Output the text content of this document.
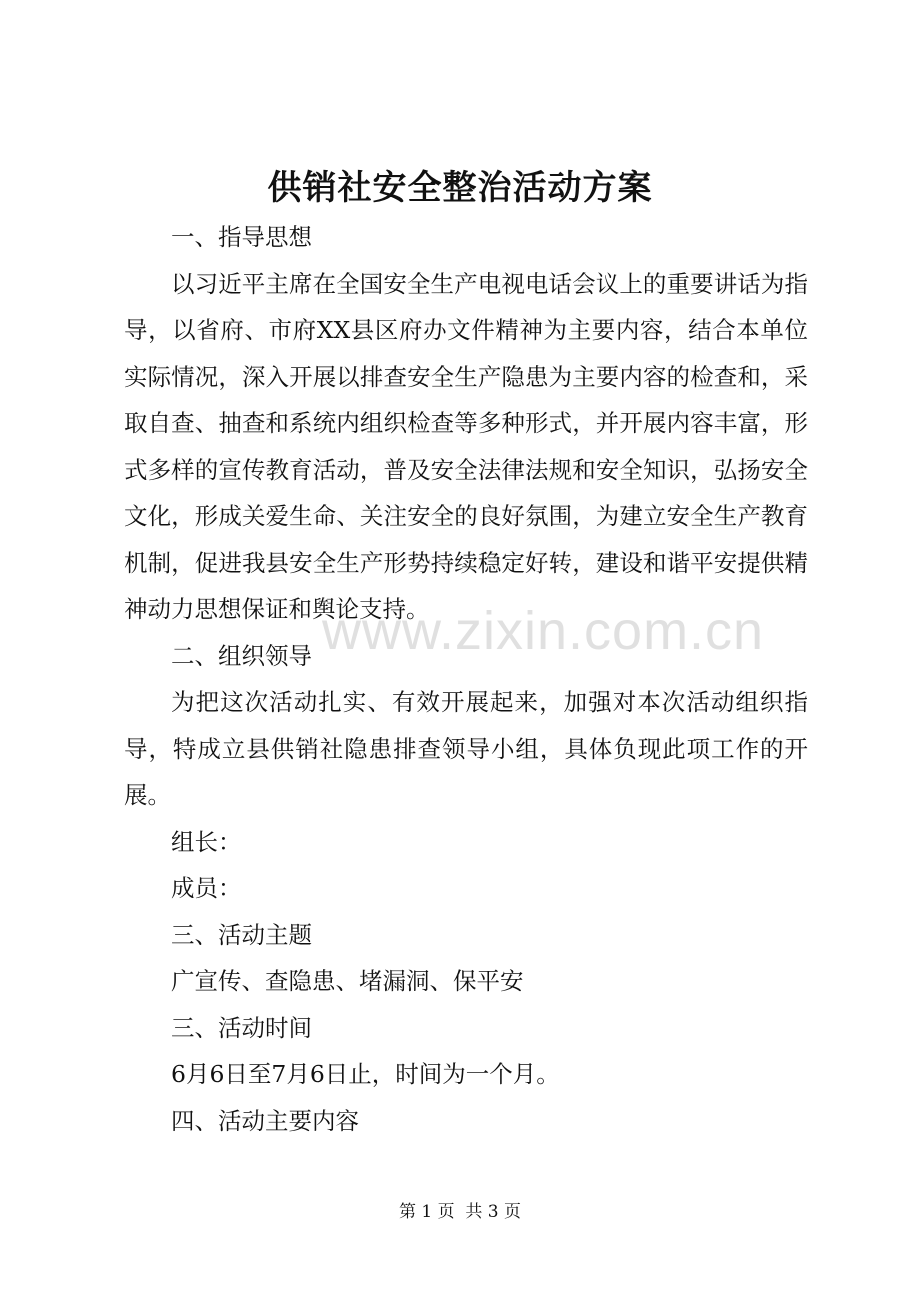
供销社安全整治活动方案

一、指导思想

以习近平主席在全国安全生产电视电话会议上的重要讲话为指导，以省府、市府XX县区府办文件精神为主要内容，结合本单位实际情况，深入开展以排查安全生产隐患为主要内容的检查和，采取自查、抽查和系统内组织检查等多种形式，并开展内容丰富，形式多样的宣传教育活动，普及安全法律法规和安全知识，弘扬安全文化，形成关爱生命、关注安全的良好氛围，为建立安全生产教育机制，促进我县安全生产形势持续稳定好转，建设和谐平安提供精神动力思想保证和舆论支持。

二、组织领导

为把这次活动扎实、有效开展起来，加强对本次活动组织指导，特成立县供销社隐患排查领导小组，具体负现此项工作的开展。

组长：

成员：

三、活动主题

广宣传、查隐患、堵漏洞、保平安

三、活动时间

6月6日至7月6日止，时间为一个月。

四、活动主要内容

www.zixin.com.cn
第 1 页  共 3 页
